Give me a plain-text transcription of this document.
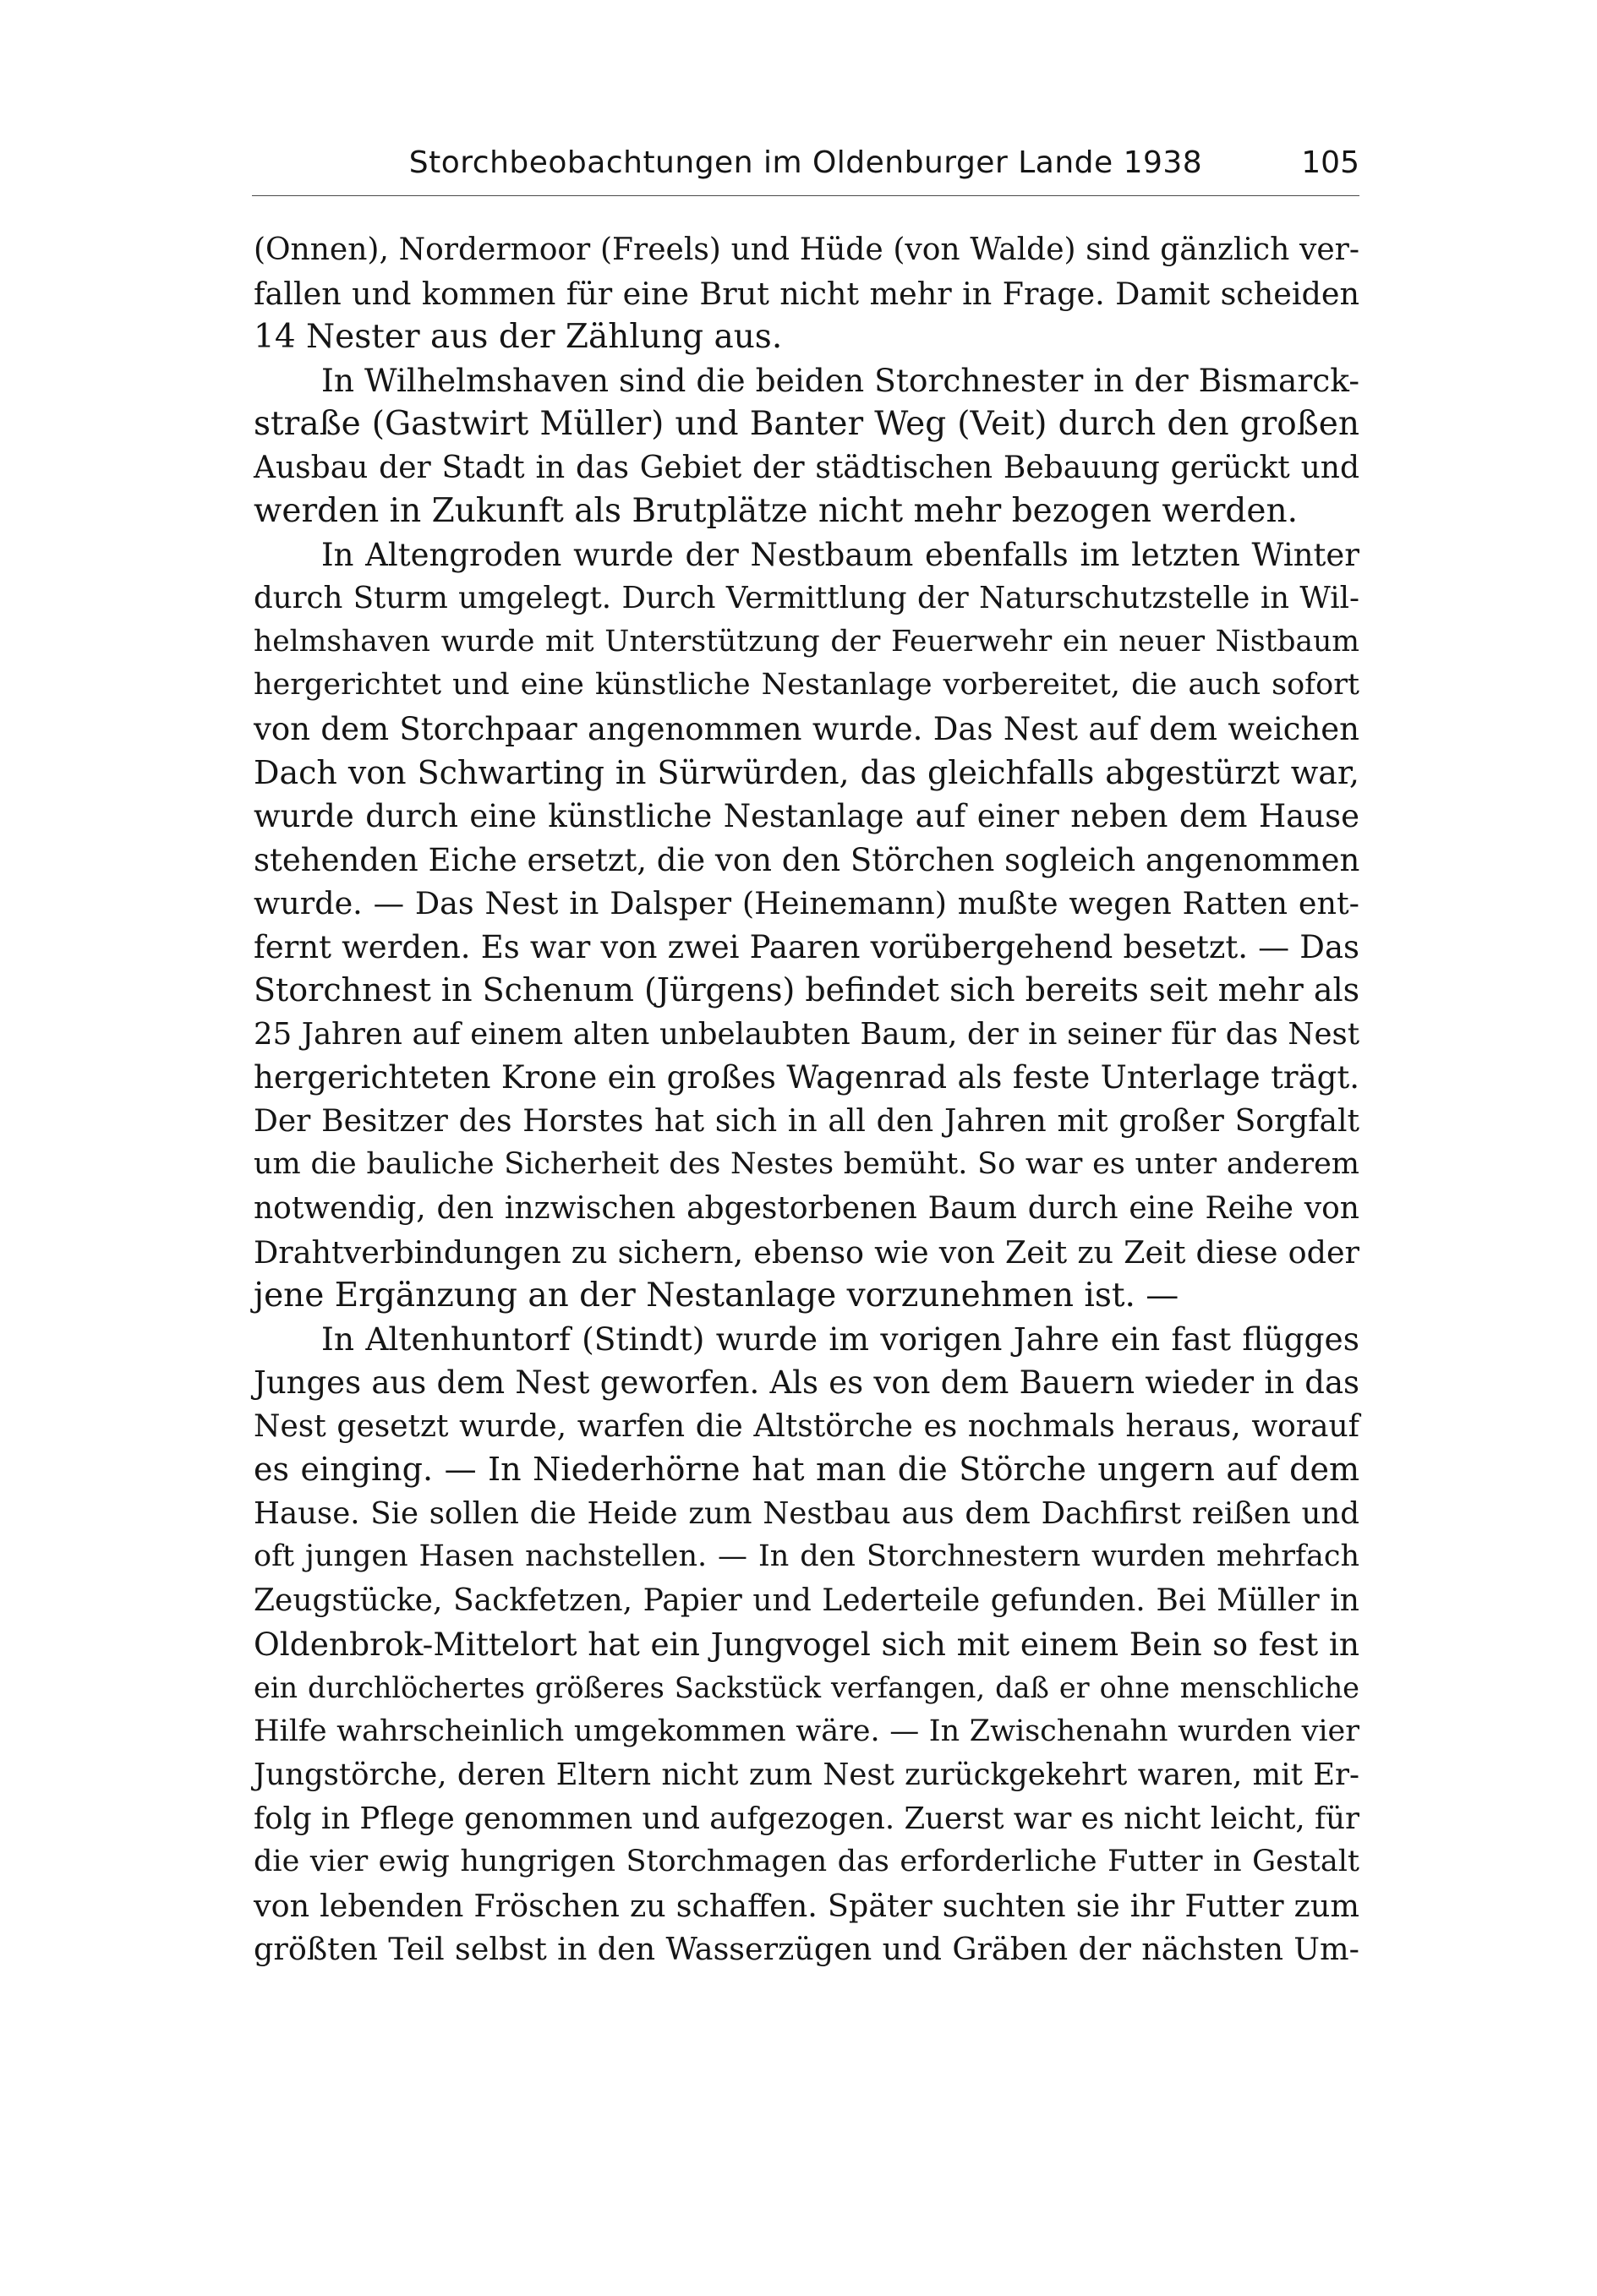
Storchbeobachtungen im Oldenburger Lande 1938	105
(Onnen), Nordermoor (Freels) und Hüde (von Walde) sind gänzlich ver-
fallen und kommen für eine Brut nicht mehr in Frage. Damit scheiden
14 Nester aus der Zählung aus.
In Wilhelmshaven sind die beiden Storchnester in der Bismarck-
straße (Gastwirt Müller) und Banter Weg (Veit) durch den großen
Ausbau der Stadt in das Gebiet der städtischen Bebauung gerückt und
werden in Zukunft als Brutplätze nicht mehr bezogen werden.
In Altengroden wurde der Nestbaum ebenfalls im letzten Winter
durch Sturm umgelegt. Durch Vermittlung der Naturschutzstelle in Wil-
helmshaven wurde mit Unterstützung der Feuerwehr ein neuer Nistbaum
hergerichtet und eine künstliche Nestanlage vorbereitet, die auch sofort
von dem Storchpaar angenommen wurde. Das Nest auf dem weichen
Dach von Schwarting in Sürwürden, das gleichfalls abgestürzt war,
wurde durch eine künstliche Nestanlage auf einer neben dem Hause
stehenden Eiche ersetzt, die von den Störchen sogleich angenommen
wurde. — Das Nest in Dalsper (Heinemann) mußte wegen Ratten ent-
fernt werden. Es war von zwei Paaren vorübergehend besetzt. — Das
Storchnest in Schenum (Jürgens) befindet sich bereits seit mehr als
25 Jahren auf einem alten unbelaubten Baum, der in seiner für das Nest
hergerichteten Krone ein großes Wagenrad als feste Unterlage trägt.
Der Besitzer des Horstes hat sich in all den Jahren mit großer Sorgfalt
um die bauliche Sicherheit des Nestes bemüht. So war es unter anderem
notwendig, den inzwischen abgestorbenen Baum durch eine Reihe von
Drahtverbindungen zu sichern, ebenso wie von Zeit zu Zeit diese oder
jene Ergänzung an der Nestanlage vorzunehmen ist. —
In Altenhuntorf (Stindt) wurde im vorigen Jahre ein fast flügges
Junges aus dem Nest geworfen. Als es von dem Bauern wieder in das
Nest gesetzt wurde, warfen die Altstörche es nochmals heraus, worauf
es einging. — In Niederhörne hat man die Störche ungern auf dem
Hause. Sie sollen die Heide zum Nestbau aus dem Dachfirst reißen und
oft jungen Hasen nachstellen. — In den Storchnestern wurden mehrfach
Zeugstücke, Sackfetzen, Papier und Lederteile gefunden. Bei Müller in
Oldenbrok-Mittelort hat ein Jungvogel sich mit einem Bein so fest in
ein durchlöchertes größeres Sackstück verfangen, daß er ohne menschliche
Hilfe wahrscheinlich umgekommen wäre. — In Zwischenahn wurden vier
Jungstörche, deren Eltern nicht zum Nest zurückgekehrt waren, mit Er-
folg in Pflege genommen und aufgezogen. Zuerst war es nicht leicht, für
die vier ewig hungrigen Storchmagen das erforderliche Futter in Gestalt
von lebenden Fröschen zu schaffen. Später suchten sie ihr Futter zum
größten Teil selbst in den Wasserzügen und Gräben der nächsten Um-
